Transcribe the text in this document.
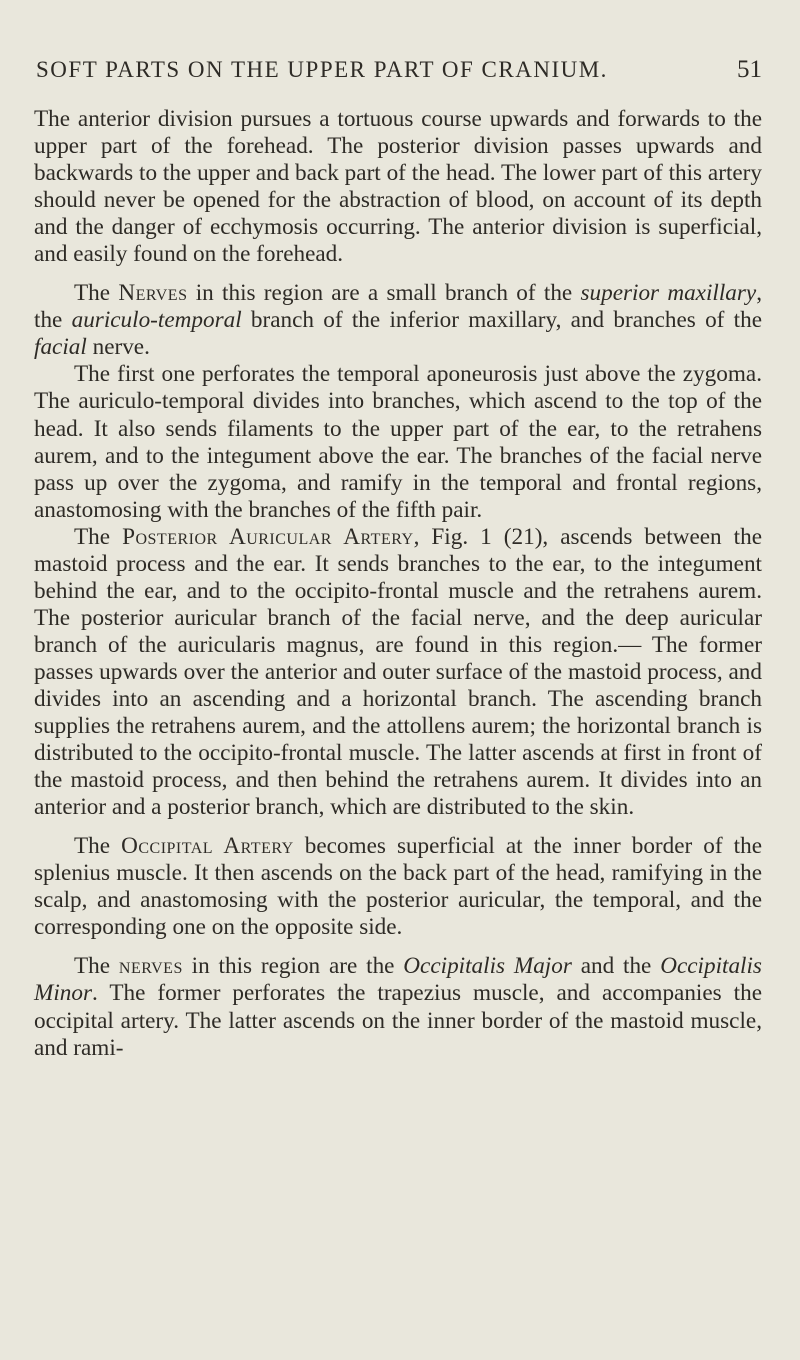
SOFT PARTS ON THE UPPER PART OF CRANIUM.	51

The anterior division pursues a tortuous course upwards and forwards to the upper part of the forehead. The posterior division passes upwards and backwards to the upper and back part of the head. The lower part of this artery should never be opened for the abstraction of blood, on account of its depth and the danger of ecchymosis occurring. The anterior division is superficial, and easily found on the forehead.

The Nerves in this region are a small branch of the superior maxillary, the auriculo-temporal branch of the inferior maxillary, and branches of the facial nerve.

The first one perforates the temporal aponeurosis just above the zygoma. The auriculo-temporal divides into branches, which ascend to the top of the head. It also sends filaments to the upper part of the ear, to the retrahens aurem, and to the integument above the ear. The branches of the facial nerve pass up over the zygoma, and ramify in the temporal and frontal regions, anastomosing with the branches of the fifth pair.

The Posterior Auricular Artery, Fig. 1 (21), ascends between the mastoid process and the ear. It sends branches to the ear, to the integument behind the ear, and to the occipito-frontal muscle and the retrahens aurem. The posterior auricular branch of the facial nerve, and the deep auricular branch of the auricularis magnus, are found in this region.— The former passes upwards over the anterior and outer surface of the mastoid process, and divides into an ascending and a horizontal branch. The ascending branch supplies the retrahens aurem, and the attollens aurem; the horizontal branch is distributed to the occipito-frontal muscle. The latter ascends at first in front of the mastoid process, and then behind the retrahens aurem. It divides into an anterior and a posterior branch, which are distributed to the skin.

The Occipital Artery becomes superficial at the inner border of the splenius muscle. It then ascends on the back part of the head, ramifying in the scalp, and anastomosing with the posterior auricular, the temporal, and the corresponding one on the opposite side.

The nerves in this region are the Occipitalis Major and the Occipitalis Minor. The former perforates the trapezius muscle, and accompanies the occipital artery. The latter ascends on the inner border of the mastoid muscle, and rami-
